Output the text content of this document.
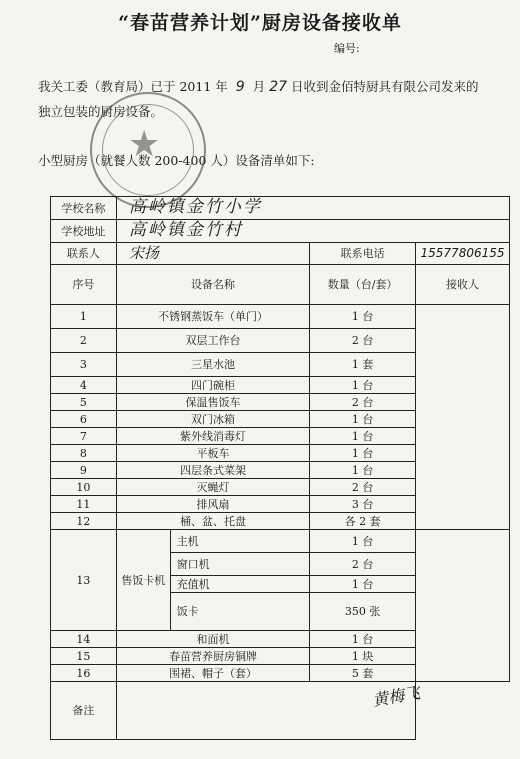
“春苗营养计划”厨房设备接收单
编号:
我关工委（教育局）已于 2011 年 9 月 27 日收到金佰特厨具有限公司发来的
独立包装的厨房设备。
小型厨房（就餐人数 200-400 人）设备清单如下:
★
学校名称	高岭镇金竹小学			
学校地址	高岭镇金竹村			
联系人	宋扬		联系电话	15577806155
序号	设备名称		数量（台/套）	接收人
1	不锈钢蒸饭车（单门）		1 台	
2	双层工作台		2 台	
3	三星水池		1 套	
4	四门碗柜		1 台	
5	保温售饭车		2 台	
6	双门冰箱		1 台	
7	紫外线消毒灯		1 台	
8	平板车		1 台	
9	四层条式菜架		1 台	
10	灭蝇灯		2 台	
11	排风扇		3 台	
12	桶、盆、托盘		各 2 套	
13	售饭卡机	主机	1 台	
		窗口机	2 台	
		充值机	1 台	
		饭卡	350 张	
14	和面机		1 台	
15	春苗营养厨房铜牌		1 块	
16	围裙、帽子（套）		5 套	
备注				
黄梅飞
